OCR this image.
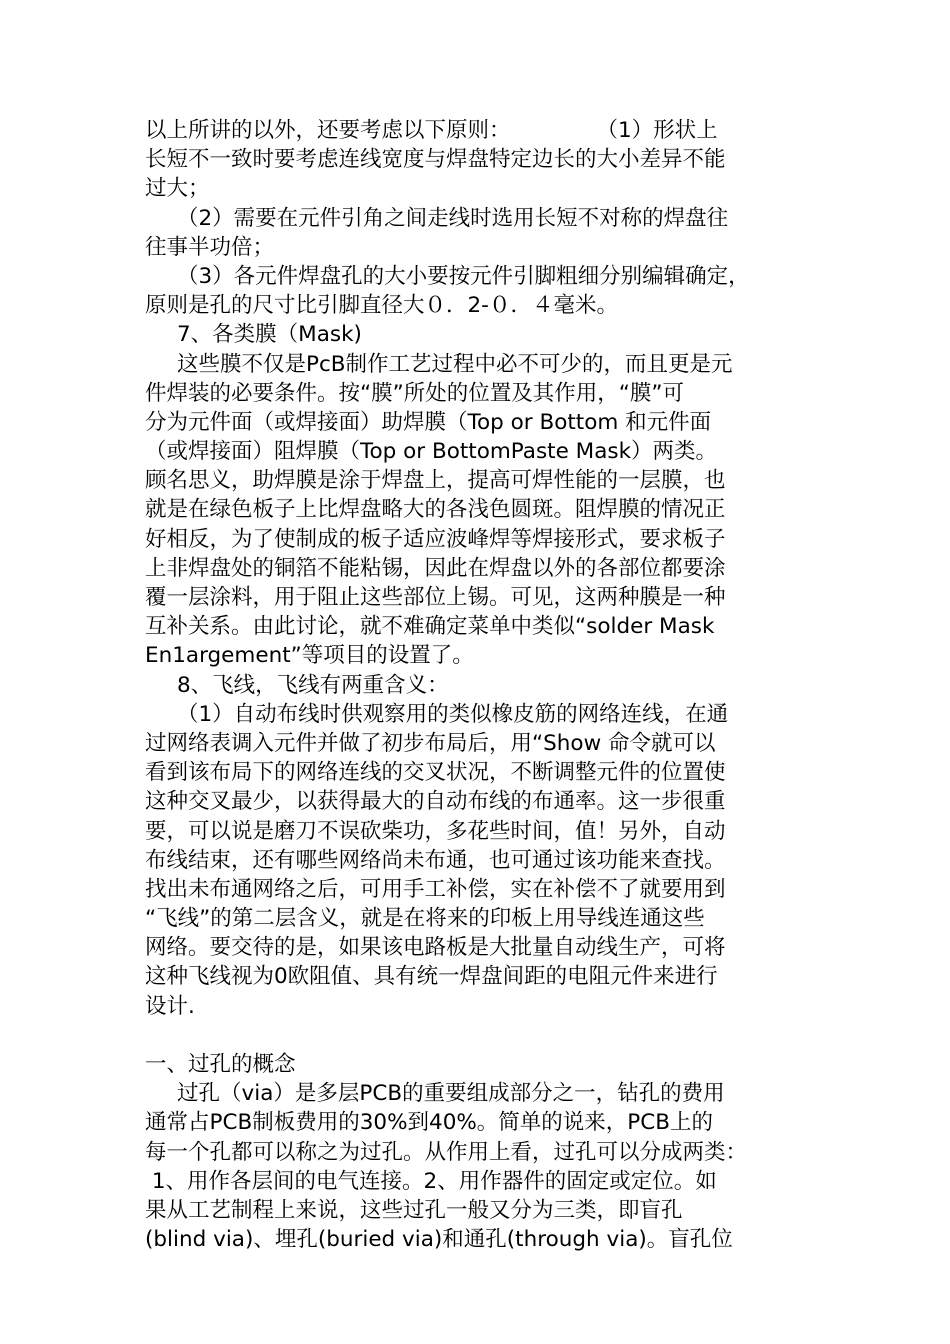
以上所讲的以外，还要考虑以下原则：　　　　　（1）形状上
长短不一致时要考虑连线宽度与焊盘特定边长的大小差异不能
过大；
（2）需要在元件引角之间走线时选用长短不对称的焊盘往
往事半功倍；
（3）各元件焊盘孔的大小要按元件引脚粗细分别编辑确定，
原则是孔的尺寸比引脚直径大０．2-０．４毫米。
7、各类膜（Mask)
这些膜不仅是PcB制作工艺过程中必不可少的，而且更是元
件焊装的必要条件。按“膜”所处的位置及其作用，“膜”可
分为元件面（或焊接面）助焊膜（Top or Bottom 和元件面
（或焊接面）阻焊膜（Top or BottomPaste Mask）两类。
顾名思义，助焊膜是涂于焊盘上，提高可焊性能的一层膜，也
就是在绿色板子上比焊盘略大的各浅色圆斑。阻焊膜的情况正
好相反，为了使制成的板子适应波峰焊等焊接形式，要求板子
上非焊盘处的铜箔不能粘锡，因此在焊盘以外的各部位都要涂
覆一层涂料，用于阻止这些部位上锡。可见，这两种膜是一种
互补关系。由此讨论，就不难确定菜单中类似“solder Mask
En1argement”等项目的设置了。
8、飞线，飞线有两重含义：
（1）自动布线时供观察用的类似橡皮筋的网络连线，在通
过网络表调入元件并做了初步布局后，用“Show 命令就可以
看到该布局下的网络连线的交叉状况，不断调整元件的位置使
这种交叉最少，以获得最大的自动布线的布通率。这一步很重
要，可以说是磨刀不误砍柴功，多花些时间，值！另外，自动
布线结束，还有哪些网络尚未布通，也可通过该功能来查找。
找出未布通网络之后，可用手工补偿，实在补偿不了就要用到
“飞线”的第二层含义，就是在将来的印板上用导线连通这些
网络。要交待的是，如果该电路板是大批量自动线生产，可将
这种飞线视为0欧阻值、具有统一焊盘间距的电阻元件来进行
设计.
一、过孔的概念
过孔（via）是多层PCB的重要组成部分之一，钻孔的费用
通常占PCB制板费用的30%到40%。简单的说来，PCB上的
每一个孔都可以称之为过孔。从作用上看，过孔可以分成两类：
1、用作各层间的电气连接。2、用作器件的固定或定位。如
果从工艺制程上来说，这些过孔一般又分为三类，即盲孔
(blind via)、埋孔(buried via)和通孔(through via)。盲孔位
